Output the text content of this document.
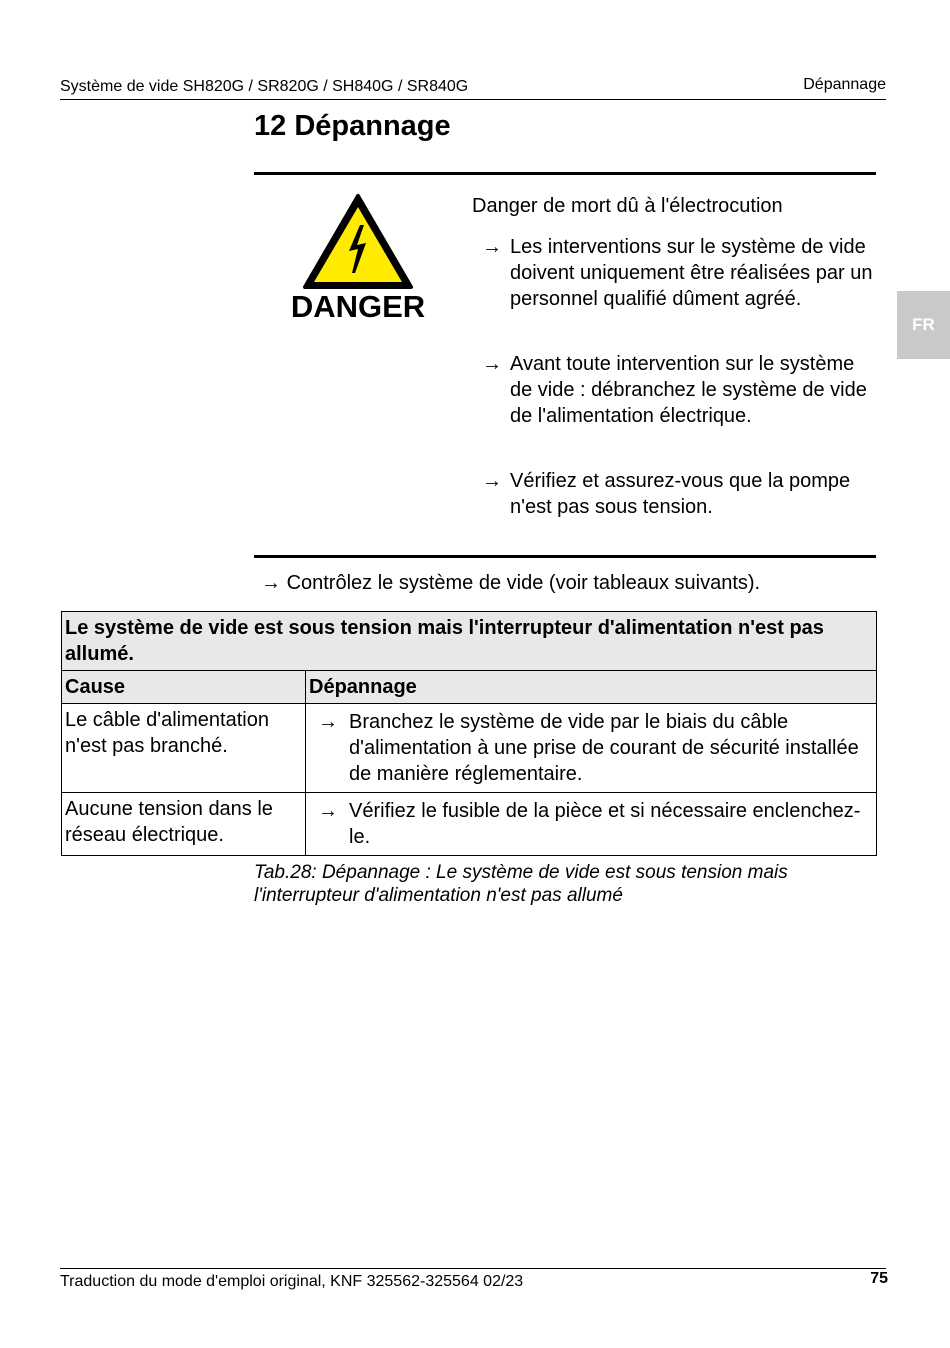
Système de vide SH820G / SR820G / SH840G / SR840G	Dépannage
FR
12 Dépannage
DANGER
Danger de mort dû à l'électrocution
→ Les interventions sur le système de vide doivent uniquement être réalisées par un personnel qualifié dûment agréé.
→ Avant toute intervention sur le système de vide : débranchez le système de vide de l'alimentation électrique.
→ Vérifiez et assurez-vous que la pompe n'est pas sous tension.
→ Contrôlez le système de vide (voir tableaux suivants).
Le système de vide est sous tension mais l'interrupteur d'alimentation n'est pas allumé.	
Cause	Dépannage
Le câble d'alimentation n'est pas branché.	→ Branchez le système de vide par le biais du câble d'alimentation à une prise de courant de sécurité installée de manière réglementaire.

Aucune tension dans le réseau électrique.	→ Vérifiez le fusible de la pièce et si nécessaire enclenchez-le.
Tab.28: Dépannage : Le système de vide est sous tension mais l'interrupteur d'alimentation n'est pas allumé
Traduction du mode d'emploi original, KNF 325562-325564 02/23	75
